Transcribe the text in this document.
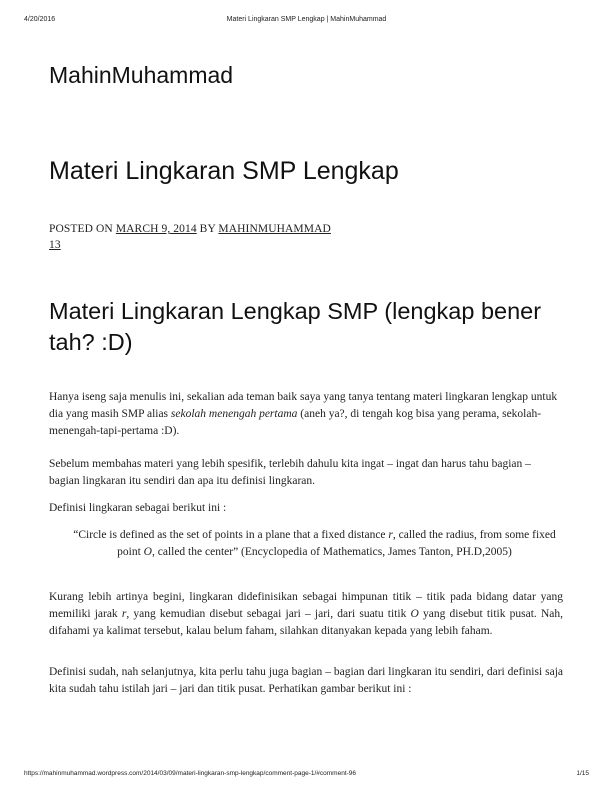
4/20/2016	Materi Lingkaran SMP Lengkap | MahinMuhammad
MahinMuhammad
Materi Lingkaran SMP Lengkap
POSTED ON MARCH 9, 2014 BY MAHINMUHAMMAD
13
Materi Lingkaran Lengkap SMP (lengkap bener tah? :D)

Hanya iseng saja menulis ini, sekalian ada teman baik saya yang tanya tentang materi lingkaran lengkap untuk dia yang masih SMP alias sekolah menengah pertama (aneh ya?, di tengah kog bisa yang perama, sekolah-menengah-tapi-pertama :D).

Sebelum membahas materi yang lebih spesifik, terlebih dahulu kita ingat – ingat dan harus tahu bagian – bagian lingkaran itu sendiri dan apa itu definisi lingkaran.

Definisi lingkaran sebagai berikut ini :

“Circle is defined as the set of points in a plane that a fixed distance r, called the radius, from some fixed point O, called the center” (Encyclopedia of Mathematics, James Tanton, PH.D,2005)

Kurang lebih artinya begini, lingkaran didefinisikan sebagai himpunan titik – titik pada bidang datar yang memiliki jarak r, yang kemudian disebut sebagai jari – jari, dari suatu titik O yang disebut titik pusat. Nah, difahami ya kalimat tersebut, kalau belum faham, silahkan ditanyakan kepada yang lebih faham.

Definisi sudah, nah selanjutnya, kita perlu tahu juga bagian – bagian dari lingkaran itu sendiri, dari definisi saja kita sudah tahu istilah jari – jari dan titik pusat. Perhatikan gambar berikut ini :

https://mahinmuhammad.wordpress.com/2014/03/09/materi-lingkaran-smp-lengkap/comment-page-1/#comment-96	1/15
